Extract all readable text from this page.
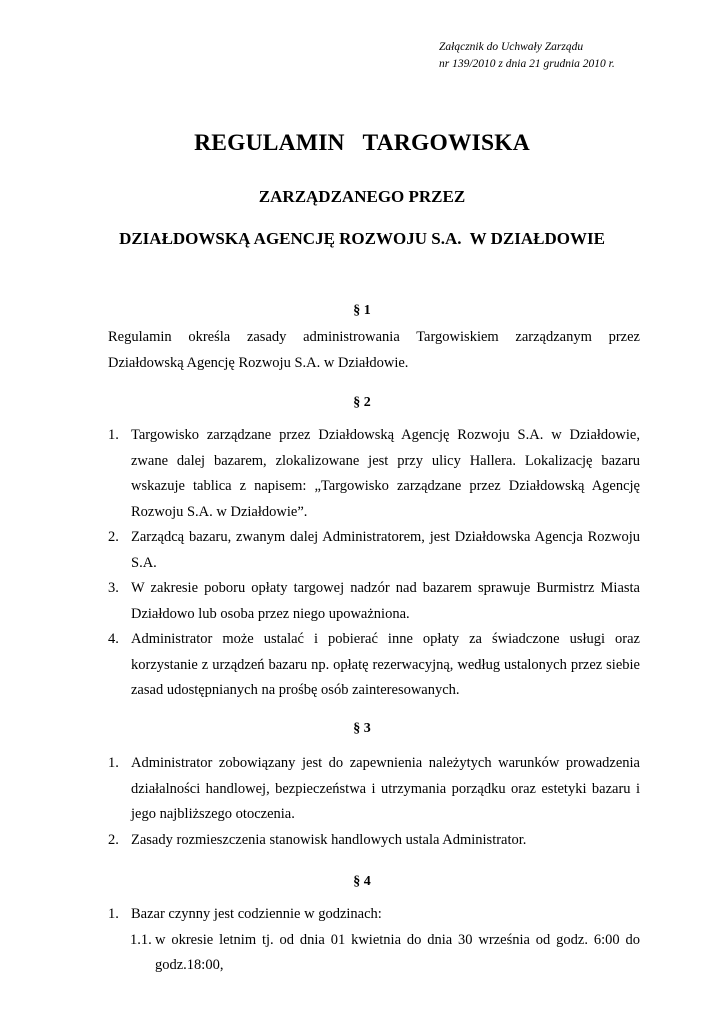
Załącznik do Uchwały Zarządu
nr 139/2010 z dnia 21 grudnia 2010 r.
REGULAMIN   TARGOWISKA
ZARZĄDZANEGO PRZEZ
DZIAŁDOWSKĄ AGENCJĘ ROZWOJU S.A.  W DZIAŁDOWIE
§ 1
Regulamin określa zasady administrowania Targowiskiem zarządzanym przez Działdowską Agencję Rozwoju S.A. w Działdowie.
§ 2
1. Targowisko zarządzane przez Działdowską Agencję Rozwoju S.A. w Działdowie, zwane dalej bazarem, zlokalizowane jest przy ulicy Hallera. Lokalizację bazaru wskazuje tablica z napisem: „Targowisko zarządzane przez Działdowską Agencję Rozwoju S.A. w Działdowie”.
2. Zarządcą bazaru, zwanym dalej Administratorem, jest Działdowska Agencja Rozwoju S.A.
3. W zakresie poboru opłaty targowej nadzór nad bazarem sprawuje Burmistrz Miasta Działdowo lub osoba przez niego upoważniona.
4. Administrator może ustalać i pobierać inne opłaty za świadczone usługi oraz korzystanie z urządzeń bazaru np. opłatę rezerwacyjną, według ustalonych przez siebie zasad udostępnianych na prośbę osób zainteresowanych.
§ 3
1. Administrator zobowiązany jest do zapewnienia należytych warunków prowadzenia działalności handlowej, bezpieczeństwa i utrzymania porządku oraz estetyki bazaru i jego najbliższego otoczenia.
2. Zasady rozmieszczenia stanowisk handlowych ustala Administrator.
§ 4
1. Bazar czynny jest codziennie w godzinach:
1.1. w okresie letnim tj. od dnia 01 kwietnia do dnia 30 września od godz. 6:00 do godz.18:00,
